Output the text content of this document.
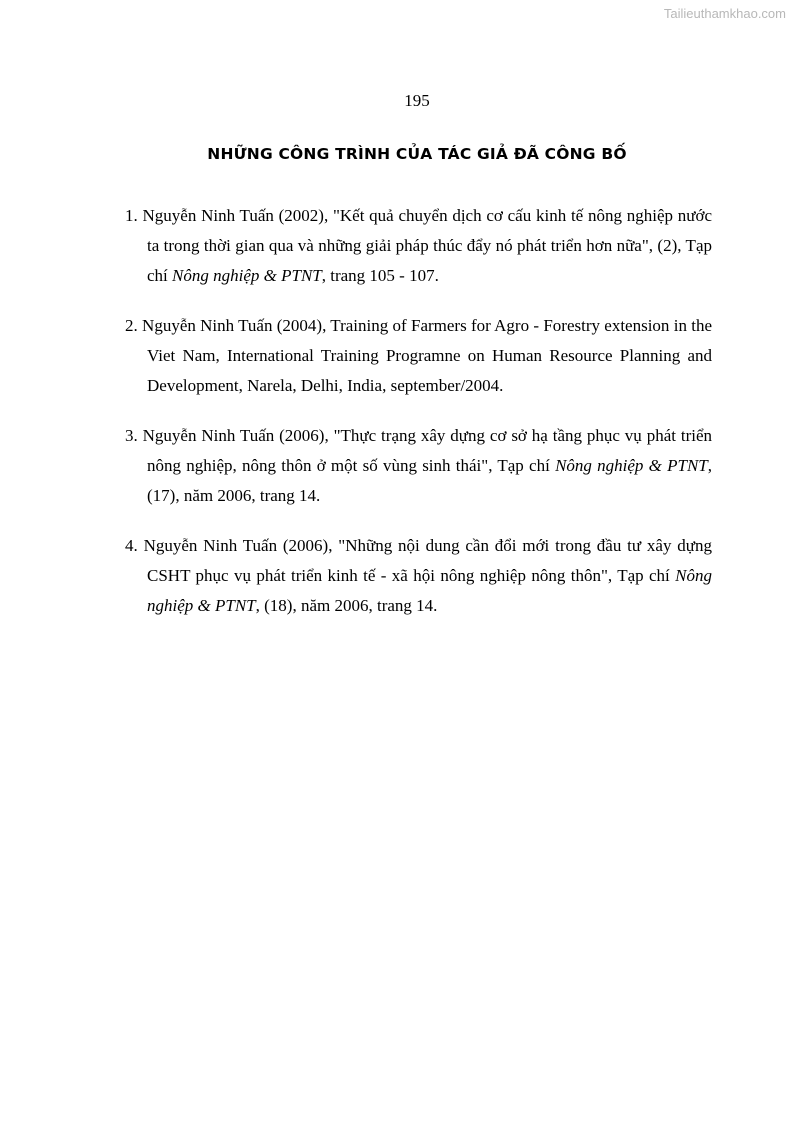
Tailieuthamkhao.com
195
NHỮNG CÔNG TRÌNH CỦA TÁC GIẢ ĐÃ CÔNG BỐ
1. Nguyễn Ninh Tuấn (2002), "Kết quả chuyển dịch cơ cấu kinh tế nông nghiệp nước ta trong thời gian qua và những giải pháp thúc đẩy nó phát triển hơn nữa", (2), Tạp chí Nông nghiệp & PTNT, trang 105 - 107.
2. Nguyễn Ninh Tuấn (2004), Training of Farmers for Agro - Forestry extension in the Viet Nam, International Training Programne on Human Resource Planning and Development, Narela, Delhi, India, september/2004.
3. Nguyễn Ninh Tuấn (2006), "Thực trạng xây dựng cơ sở hạ tầng phục vụ phát triển nông nghiệp, nông thôn ở một số vùng sinh thái", Tạp chí Nông nghiệp & PTNT, (17), năm 2006, trang 14.
4. Nguyễn Ninh Tuấn (2006), "Những nội dung cần đổi mới trong đầu tư xây dựng CSHT phục vụ phát triển kinh tế - xã hội nông nghiệp nông thôn", Tạp chí Nông nghiệp & PTNT, (18), năm 2006, trang 14.
